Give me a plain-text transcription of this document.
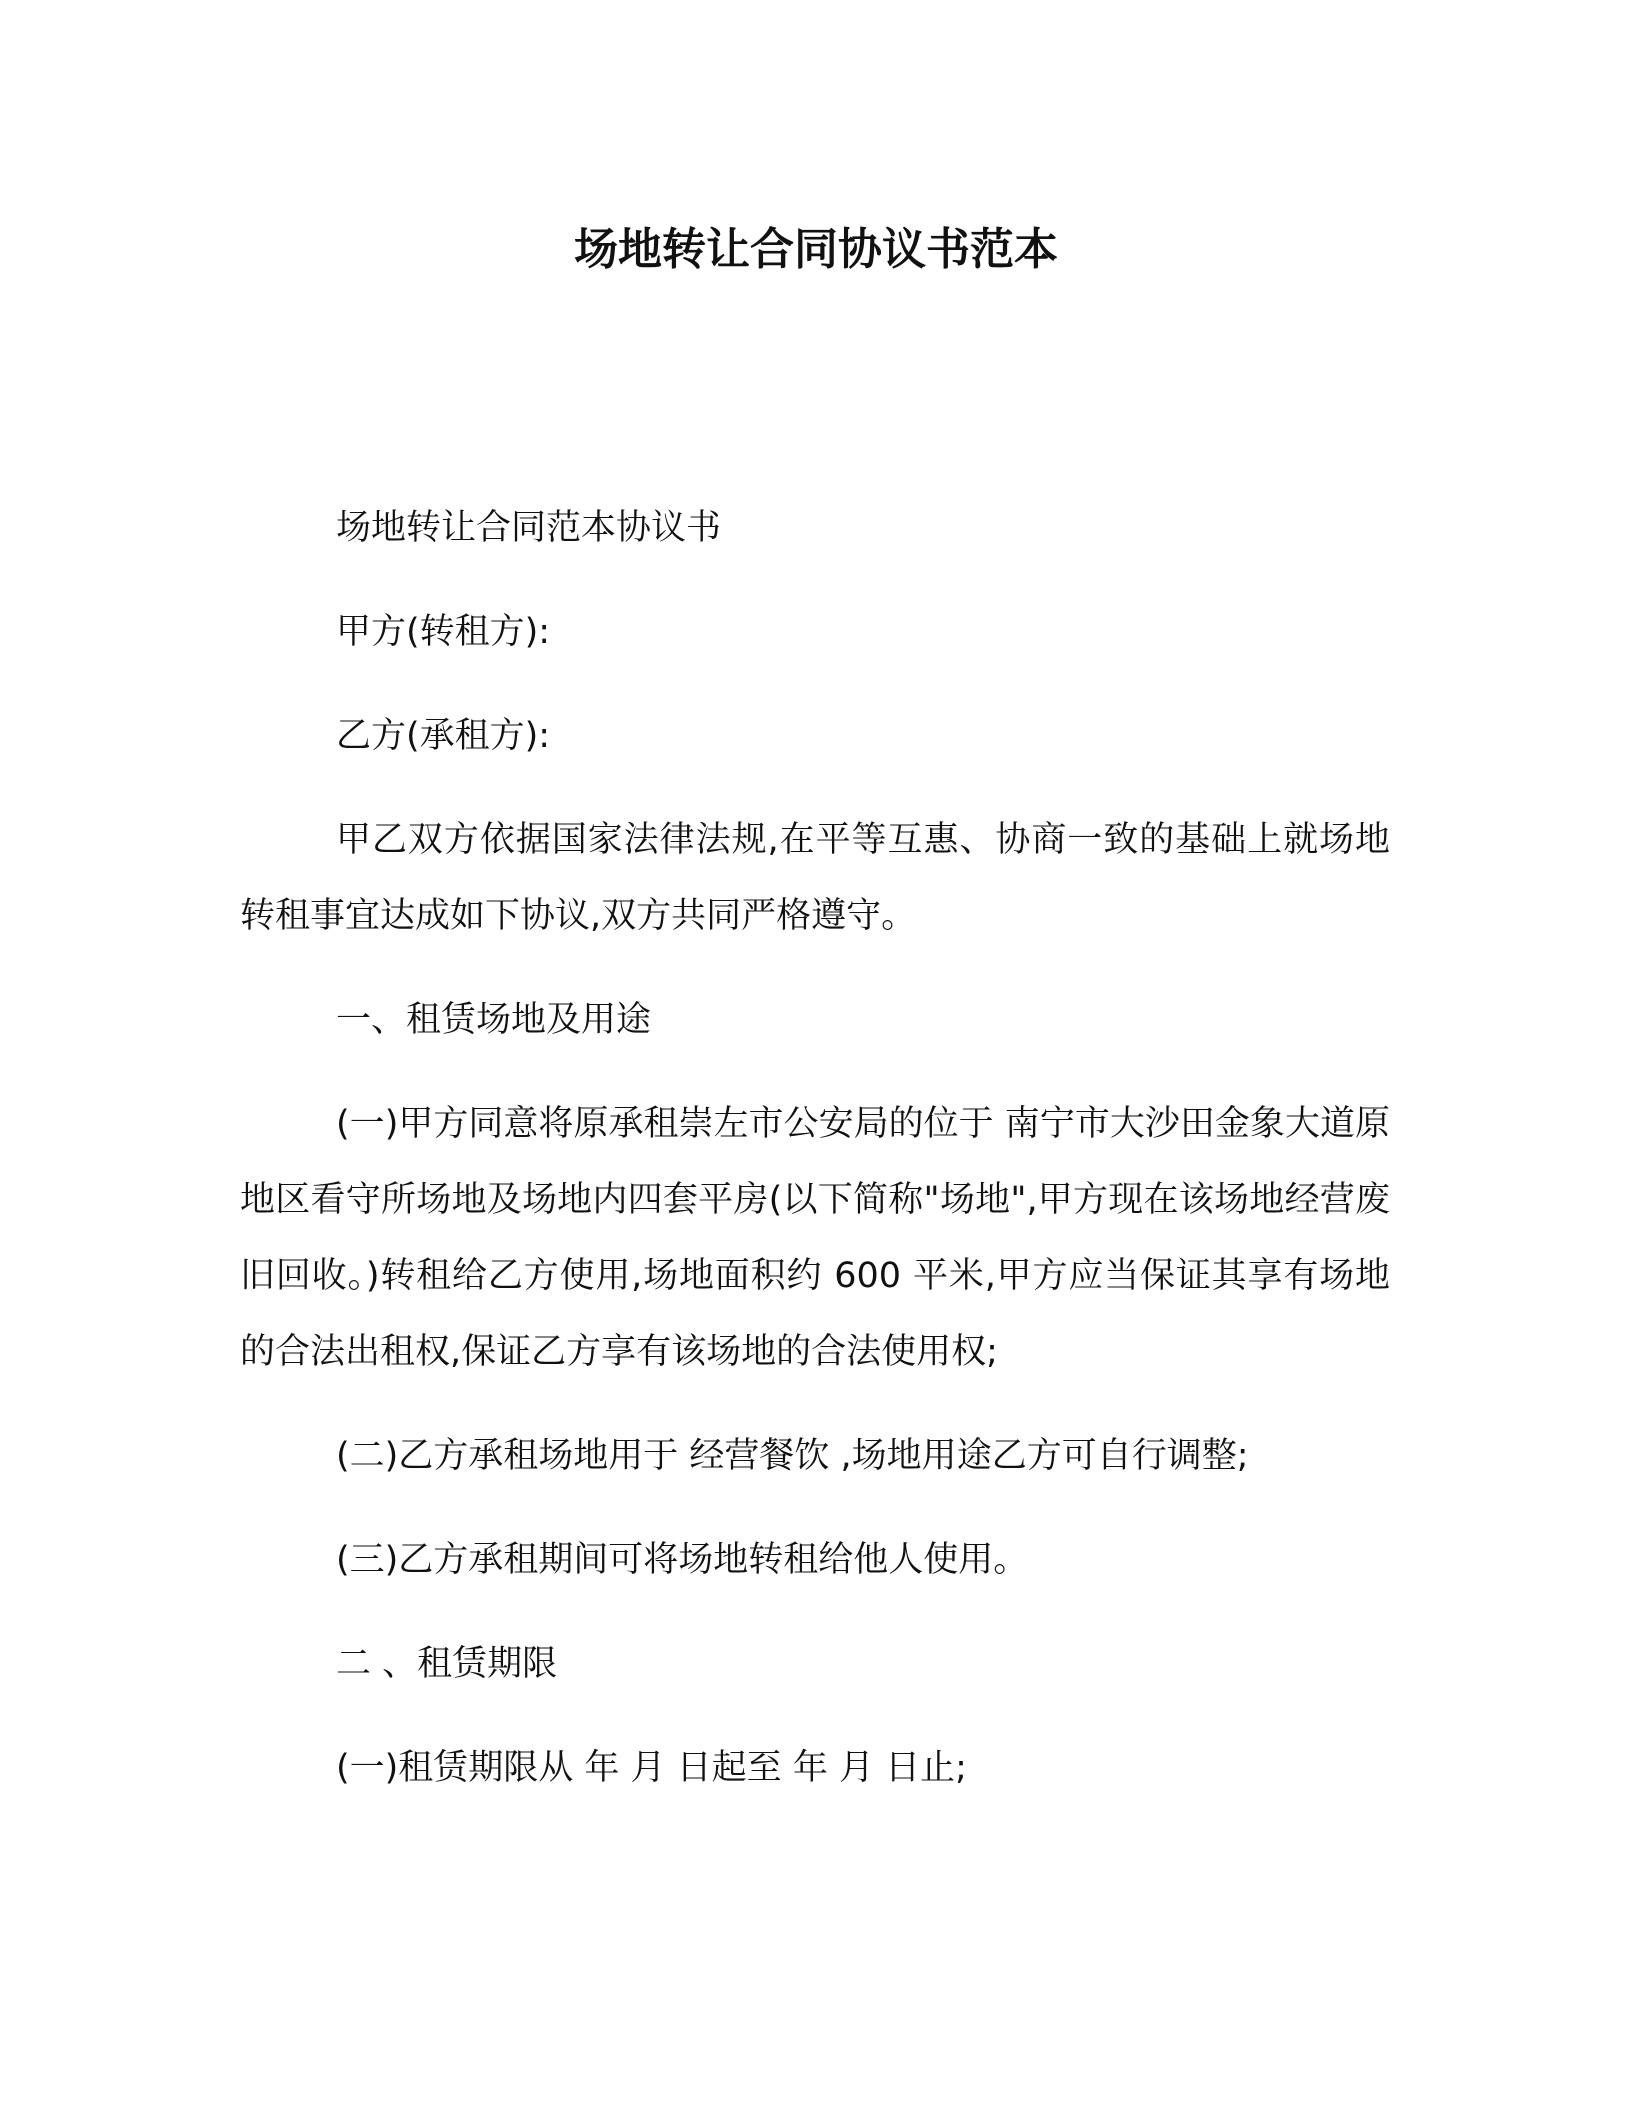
场地转让合同协议书范本

场地转让合同范本协议书

甲方(转租方):

乙方(承租方):

甲乙双方依据国家法律法规,在平等互惠、协商一致的基础上就场地转租事宜达成如下协议,双方共同严格遵守。

一、租赁场地及用途

(一)甲方同意将原承租崇左市公安局的位于 南宁市大沙田金象大道原地区看守所场地及场地内四套平房(以下简称"场地",甲方现在该场地经营废旧回收。)转租给乙方使用,场地面积约 600 平米,甲方应当保证其享有场地的合法出租权,保证乙方享有该场地的合法使用权;

(二)乙方承租场地用于 经营餐饮 ,场地用途乙方可自行调整;

(三)乙方承租期间可将场地转租给他人使用。

二 、租赁期限

(一)租赁期限从 年 月 日起至 年 月 日止;
